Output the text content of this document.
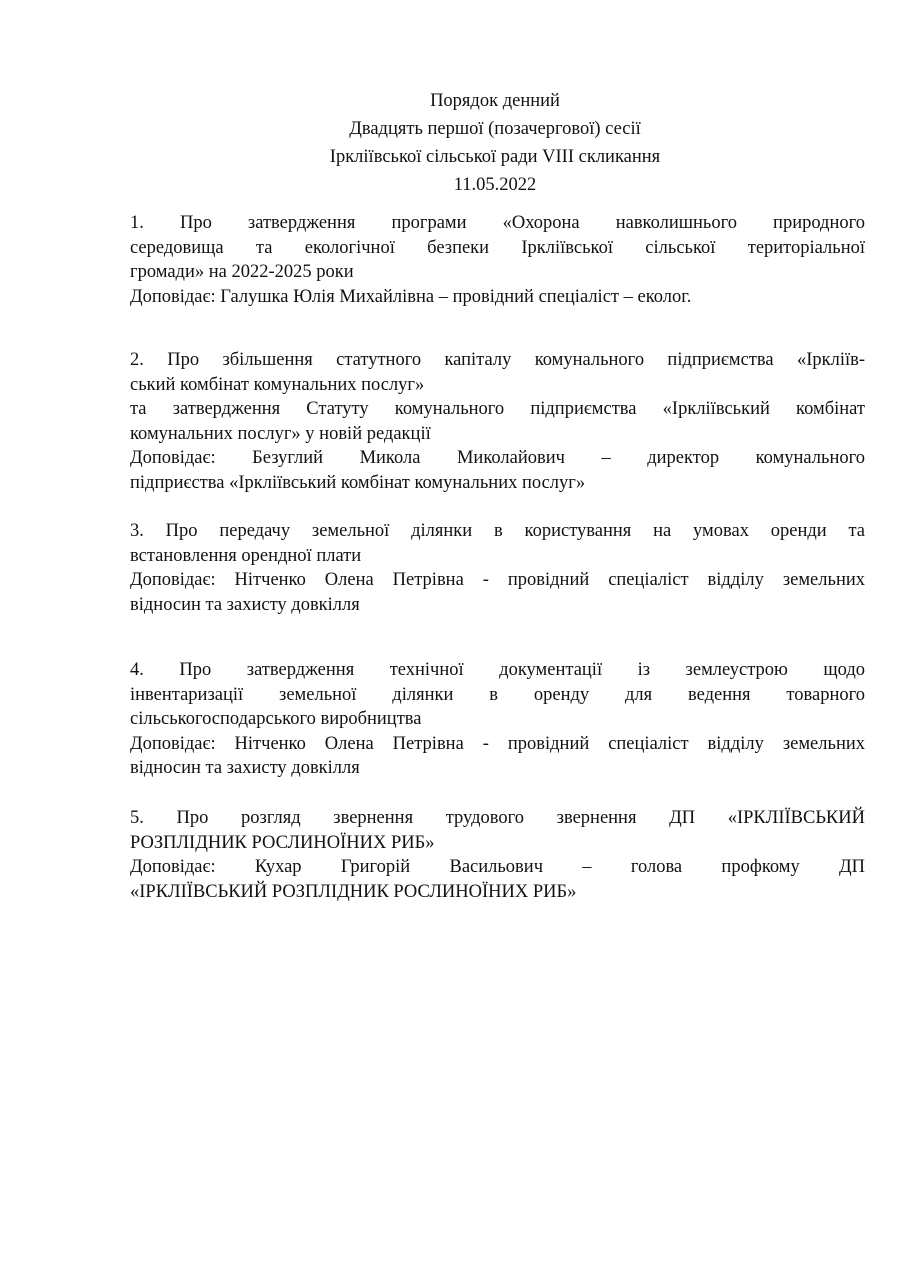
Порядок денний
Двадцять першої (позачергової) сесії
Іркліївської сільської ради VIII скликання
11.05.2022
1. Про затвердження програми «Охорона навколишнього природного
середовища та екологічної безпеки Ірклiївської сільської територіальної
громади» на 2022-2025 роки
Доповідає: Галушка Юлія Михайлівна – провідний спеціаліст – еколог.
2. Про збільшення статутного капіталу комунального підприємства «Ірклiїв-
ський комбінат комунальних послуг»
та затвердження Статуту комунального підприємства «Ірклiївський комбінат
комунальних послуг» у новій редакції
Доповідає: Безуглий Микола Миколайович – директор комунального
підприєства «Ірклiївський комбінат комунальних послуг»
3. Про передачу земельної ділянки в користування на умовах оренди та
встановлення орендної плати
Доповідає: Нітченко Олена Петрівна - провідний спеціаліст відділу земельних
відносин та захисту довкілля
4. Про затвердження технічної документації із землеустрою щодо
інвентаризації земельної ділянки в оренду для ведення товарного
сільськогосподарського виробництва
Доповідає: Нітченко Олена Петрівна - провідний спеціаліст відділу земельних
відносин та захисту довкілля
5. Про розгляд звернення трудового звернення ДП «ІРКЛІЇВСЬКИЙ
РОЗПЛІДНИК РОСЛИНОЇНИХ РИБ»
Доповідає: Кухар Григорій Васильович – голова профкому ДП
«ІРКЛІЇВСЬКИЙ РОЗПЛІДНИК РОСЛИНОЇНИХ РИБ»
